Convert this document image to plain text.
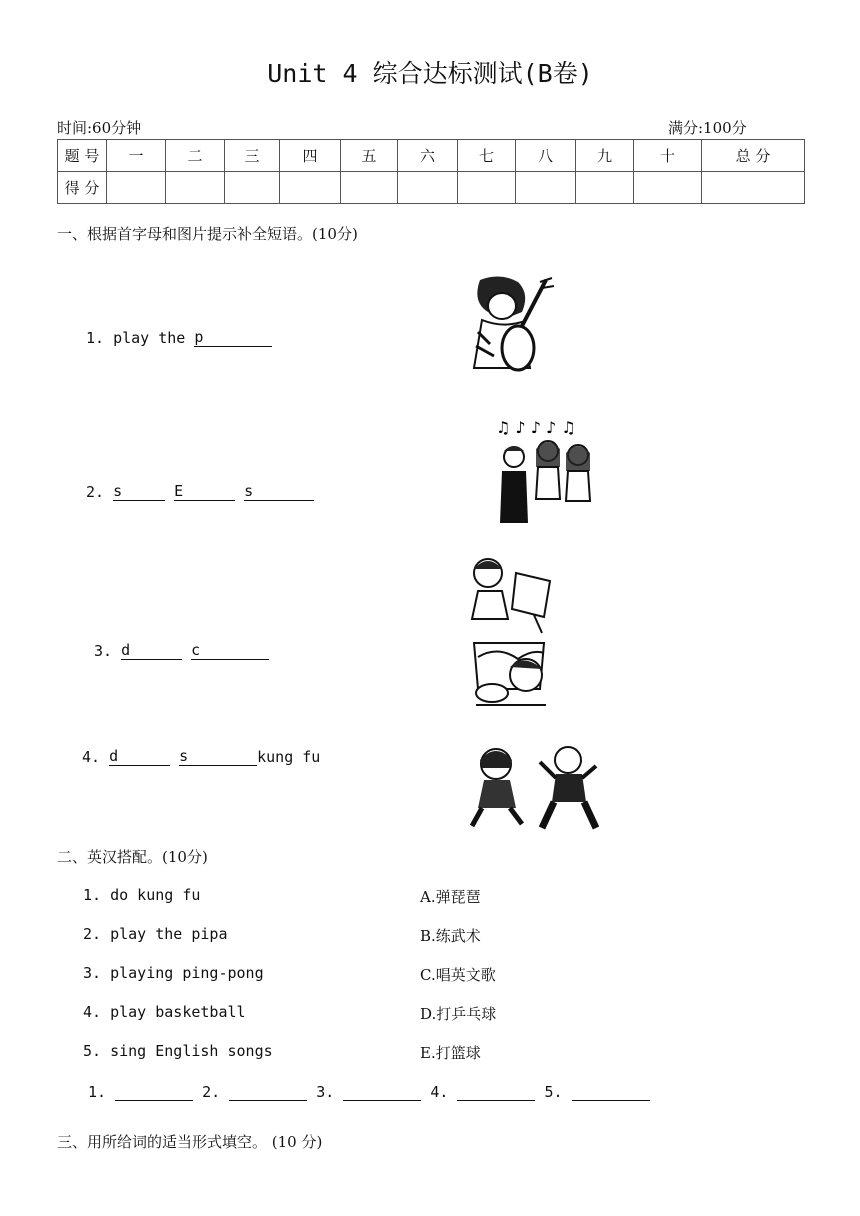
Unit 4 综合达标测试(B卷)
时间:60分钟	满分:100分
题 号	一	二	三	四	五	六	七	八	九	十	总 分
得 分											
一、根据首字母和图片提示补全短语。(10分)
1. play the p
2. s	E	s
3. d	c
4. d	s	kung fu
♫ ♪ ♪ ♪ ♫
二、英汉搭配。(10分)
1. do kung fu
2. play the pipa
3. playing ping-pong
4. play basketball
5. sing English songs
A.弹琵琶
B.练武术
C.唱英文歌
D.打乒乓球
E.打篮球
1.	2.	3.	4.	5.
三、用所给词的适当形式填空。 (10 分)
